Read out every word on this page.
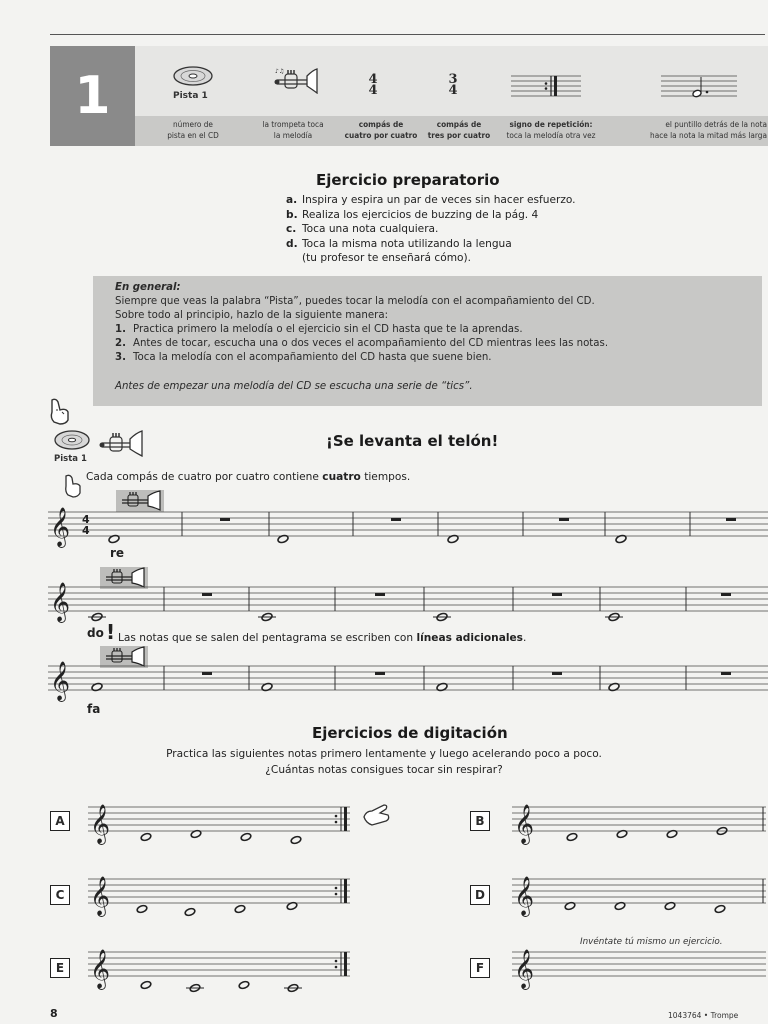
1	Pista 1
♪♫
4
4
3
4
número de
pista en el CD
la trompeta toca
la melodía
compás de
cuatro por cuatro
compás de
tres por cuatro
signo de repetición:
toca la melodía otra vez
el puntillo detrás de la nota
hace la nota la mitad más larga
Ejercicio preparatorio
a. Inspira y espira un par de veces sin hacer esfuerzo.
b. Realiza los ejercicios de buzzing de la pág. 4
c. Toca una nota cualquiera.
d. Toca la misma nota utilizando la lengua
(tu profesor te enseñará cómo).
En general:
Siempre que veas la palabra “Pista”, puedes tocar la melodía con el acompañamiento del CD.
Sobre todo al principio, hazlo de la siguiente manera:
1. Practica primero la melodía o el ejercicio sin el CD hasta que te la aprendas.
2. Antes de tocar, escucha una o dos veces el acompañamiento del CD mientras lees las notas.
3. Toca la melodía con el acompañamiento del CD hasta que suene bien.
Antes de empezar una melodía del CD se escucha una serie de “tics”.
Pista 1
¡Se levanta el telón!
Cada compás de cuatro por cuatro contiene cuatro tiempos.
𝄞 4
4
re
𝄞
do ! Las notas que se salen del pentagrama se escriben con líneas adicionales.
𝄞
fa
Ejercicios de digitación
Practica las siguientes notas primero lentamente y luego acelerando poco a poco.
¿Cuántas notas consigues tocar sin respirar?
A 𝄞	B 𝄞
C 𝄞	D 𝄞
E 𝄞
Invéntate tú mismo un ejercicio.
F 𝄞
8	1043764 • Trompe
